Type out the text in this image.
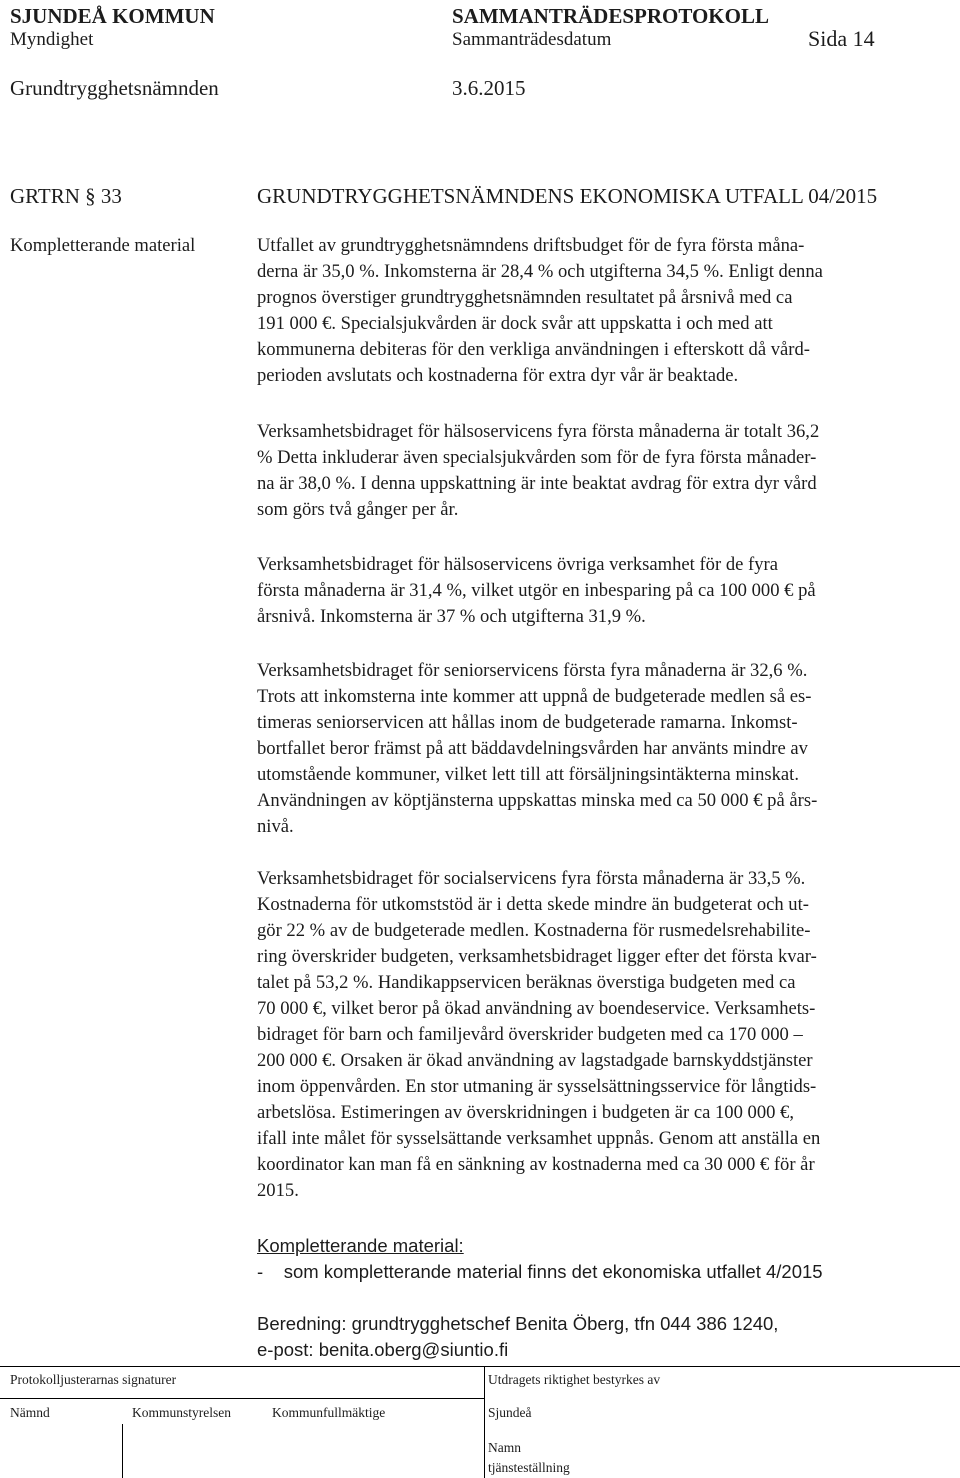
SJUNDEÅ KOMMUN	SAMMANTRÄDESPROTOKOLL
Myndighet	Sammanträdesdatum	Sida 14
Grundtrygghetsnämnden	3.6.2015
GRTRN § 33	GRUNDTRYGGHETSNÄMNDENS EKONOMISKA UTFALL 04/2015
Kompletterande material	Utfallet av grundtrygghetsnämndens driftsbudget för de fyra första måna-
derna är 35,0 %. Inkomsterna är 28,4 % och utgifterna 34,5 %. Enligt denna
prognos överstiger grundtrygghetsnämnden resultatet på årsnivå med ca
191 000 €. Specialsjukvården är dock svår att uppskatta i och med att
kommunerna debiteras för den verkliga användningen i efterskott då vård-
perioden avslutats och kostnaderna för extra dyr vår är beaktade.
Verksamhetsbidraget för hälsoservicens fyra första månaderna är totalt 36,2
% Detta inkluderar även specialsjukvården som för de fyra första månader-
na är 38,0 %. I denna uppskattning är inte beaktat avdrag för extra dyr vård
som görs två gånger per år.
Verksamhetsbidraget för hälsoservicens övriga verksamhet för de fyra
första månaderna är 31,4 %, vilket utgör en inbesparing på ca 100 000 € på
årsnivå. Inkomsterna är 37 % och utgifterna 31,9 %.
Verksamhetsbidraget för seniorservicens första fyra månaderna är 32,6 %.
Trots att inkomsterna inte kommer att uppnå de budgeterade medlen så es-
timeras seniorservicen att hållas inom de budgeterade ramarna. Inkomst-
bortfallet beror främst på att bäddavdelningsvården har använts mindre av
utomstående kommuner, vilket lett till att försäljningsintäkterna minskat.
Användningen av köptjänsterna uppskattas minska med ca 50 000 € på års-
nivå.
Verksamhetsbidraget för socialservicens fyra första månaderna är 33,5 %.
Kostnaderna för utkomststöd är i detta skede mindre än budgeterat och ut-
gör 22 % av de budgeterade medlen. Kostnaderna för rusmedelsrehabilite-
ring överskrider budgeten, verksamhetsbidraget ligger efter det första kvar-
talet på 53,2 %. Handikappservicen beräknas överstiga budgeten med ca
70 000 €, vilket beror på ökad användning av boendeservice. Verksamhets-
bidraget för barn och familjevård överskrider budgeten med ca 170 000 –
200 000 €. Orsaken är ökad användning av lagstadgade barnskyddstjänster
inom öppenvården. En stor utmaning är sysselsättningsservice för långtids-
arbetslösa. Estimeringen av överskridningen i budgeten är ca 100 000 €,
ifall inte målet för sysselsättande verksamhet uppnås. Genom att anställa en
koordinator kan man få en sänkning av kostnaderna med ca 30 000 € för år
2015.
Kompletterande material:
-    som kompletterande material finns det ekonomiska utfallet 4/2015
Beredning: grundtrygghetschef Benita Öberg, tfn 044 386 1240,
e-post: benita.oberg@siuntio.fi
Protokolljusterarnas signaturer	Utdragets riktighet bestyrkes av
Nämnd	Kommunstyrelsen	Kommunfullmäktige	Sjundeå
Namn
tjänsteställning
